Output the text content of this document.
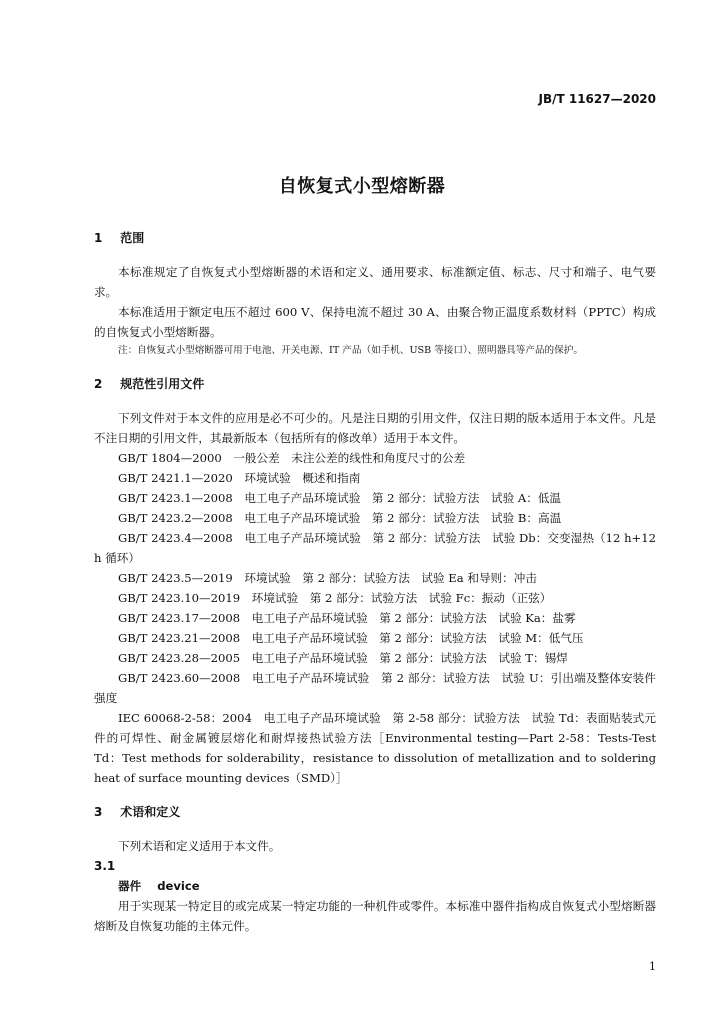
JB/T 11627—2020
自恢复式小型熔断器
1 范围

本标准规定了自恢复式小型熔断器的术语和定义、通用要求、标准额定值、标志、尺寸和端子、电气要求。

本标准适用于额定电压不超过 600 V、保持电流不超过 30 A、由聚合物正温度系数材料（PPTC）构成的自恢复式小型熔断器。

注：自恢复式小型熔断器可用于电池、开关电源、IT 产品（如手机、USB 等接口）、照明器具等产品的保护。

2 规范性引用文件

下列文件对于本文件的应用是必不可少的。凡是注日期的引用文件，仅注日期的版本适用于本文件。凡是不注日期的引用文件，其最新版本（包括所有的修改单）适用于本文件。

GB/T 1804—2000　一般公差　未注公差的线性和角度尺寸的公差

GB/T 2421.1—2020　环境试验　概述和指南

GB/T 2423.1—2008　电工电子产品环境试验　第 2 部分：试验方法　试验 A：低温

GB/T 2423.2—2008　电工电子产品环境试验　第 2 部分：试验方法　试验 B：高温

GB/T 2423.4—2008　电工电子产品环境试验　第 2 部分：试验方法　试验 Db：交变湿热（12 h+12 h 循环）

GB/T 2423.5—2019　环境试验　第 2 部分：试验方法　试验 Ea 和导则：冲击

GB/T 2423.10—2019　环境试验　第 2 部分：试验方法　试验 Fc：振动（正弦）

GB/T 2423.17—2008　电工电子产品环境试验　第 2 部分：试验方法　试验 Ka：盐雾

GB/T 2423.21—2008　电工电子产品环境试验　第 2 部分：试验方法　试验 M：低气压

GB/T 2423.28—2005　电工电子产品环境试验　第 2 部分：试验方法　试验 T：锡焊

GB/T 2423.60—2008　电工电子产品环境试验　第 2 部分：试验方法　试验 U：引出端及整体安装件强度

IEC 60068-2-58：2004　电工电子产品环境试验　第 2-58 部分：试验方法　试验 Td：表面贴装式元件的可焊性、耐金属镀层熔化和耐焊接热试验方法［Environmental testing—Part 2-58：Tests-Test Td：Test methods for solderability，resistance to dissolution of metallization and to soldering heat of surface mounting devices（SMD）］

3 术语和定义

下列术语和定义适用于本文件。

3.1

器件 device

用于实现某一特定目的或完成某一特定功能的一种机件或零件。本标准中器件指构成自恢复式小型熔断器熔断及自恢复功能的主体元件。

1
